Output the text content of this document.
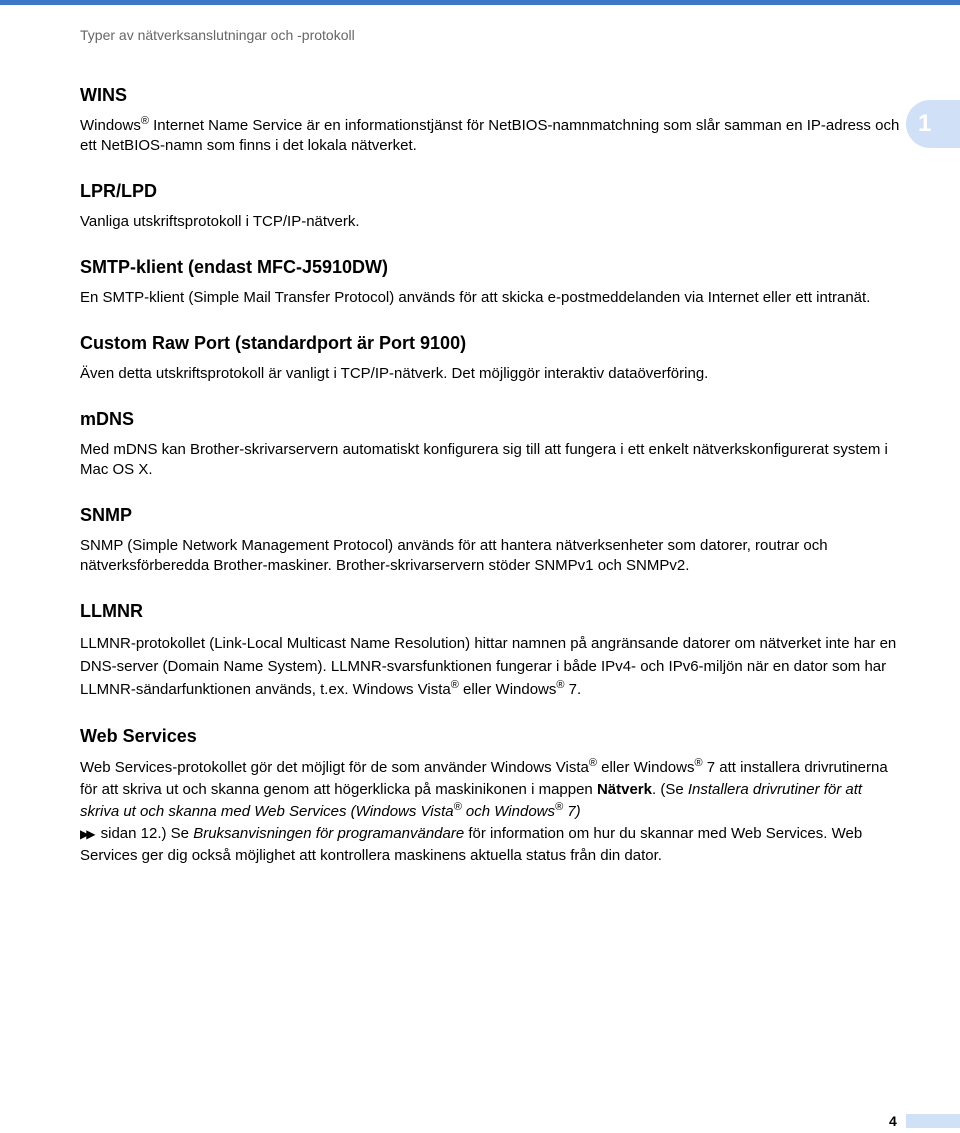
Typer av nätverksanslutningar och -protokoll
1
WINS

Windows® Internet Name Service är en informationstjänst för NetBIOS-namnmatchning som slår samman en IP-adress och ett NetBIOS-namn som finns i det lokala nätverket.

LPR/LPD

Vanliga utskriftsprotokoll i TCP/IP-nätverk.

SMTP-klient (endast MFC-J5910DW)

En SMTP-klient (Simple Mail Transfer Protocol) används för att skicka e-postmeddelanden via Internet eller ett intranät.

Custom Raw Port (standardport är Port 9100)

Även detta utskriftsprotokoll är vanligt i TCP/IP-nätverk. Det möjliggör interaktiv dataöverföring.

mDNS

Med mDNS kan Brother-skrivarservern automatiskt konfigurera sig till att fungera i ett enkelt nätverkskonfigurerat system i Mac OS X.

SNMP

SNMP (Simple Network Management Protocol) används för att hantera nätverksenheter som datorer, routrar och nätverksförberedda Brother-maskiner. Brother-skrivarservern stöder SNMPv1 och SNMPv2.

LLMNR

LLMNR-protokollet (Link-Local Multicast Name Resolution) hittar namnen på angränsande datorer om nätverket inte har en DNS-server (Domain Name System). LLMNR-svarsfunktionen fungerar i både IPv4- och IPv6-miljön när en dator som har LLMNR-sändarfunktionen används, t.ex. Windows Vista® eller Windows® 7.

Web Services

Web Services-protokollet gör det möjligt för de som använder Windows Vista® eller Windows® 7 att installera drivrutinerna för att skriva ut och skanna genom att högerklicka på maskinikonen i mappen Nätverk. (Se Installera drivrutiner för att skriva ut och skanna med Web Services (Windows Vista® och Windows® 7)
▶▶ sidan 12.) Se Bruksanvisningen för programanvändare för information om hur du skannar med Web Services. Web Services ger dig också möjlighet att kontrollera maskinens aktuella status från din dator.

4
